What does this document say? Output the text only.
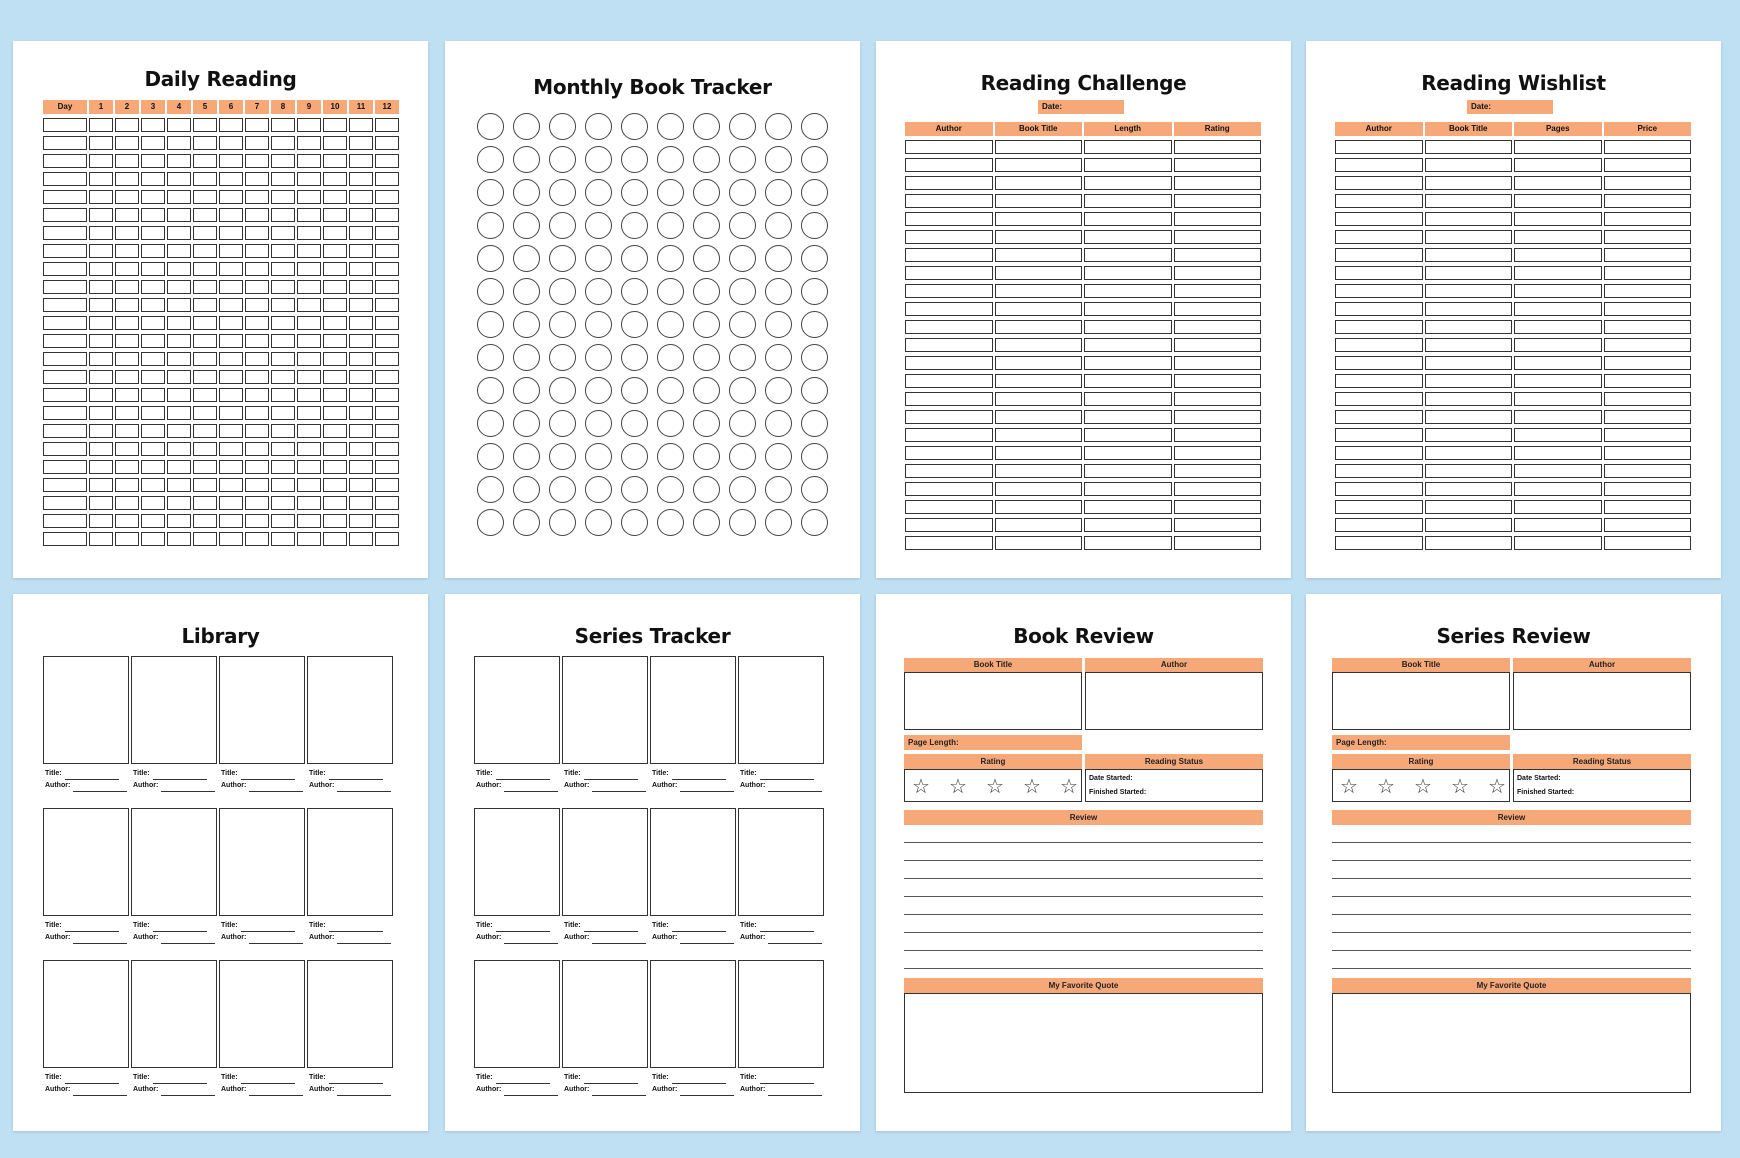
Daily Reading
Day	1	2	3	4	5	6	7	8	9	10	11	12
Monthly Book Tracker	Reading Challenge
Date:
Author	Book Title	Length	Rating
Reading Wishlist
Date:
Author	Book Title	Pages	Price
Library
Title:
Author:
Title:
Author:
Title:
Author:
Title:
Author:
Title:
Author:
Title:
Author:
Title:
Author:
Title:
Author:
Title:
Author:
Title:
Author:
Title:
Author:
Title:
Author:
Series Tracker
Title:
Author:
Title:
Author:
Title:
Author:
Title:
Author:
Title:
Author:
Title:
Author:
Title:
Author:
Title:
Author:
Title:
Author:
Title:
Author:
Title:
Author:
Title:
Author:
Book Review
Book Title	Author
Page Length:
Rating	Reading Status
☆ ☆ ☆ ☆ ☆ Date Started:
Finished Started:
Review
My Favorite Quote
Series Review
Book Title	Author
Page Length:
Rating	Reading Status
☆ ☆ ☆ ☆ ☆ Date Started:
Finished Started:
Review
My Favorite Quote
